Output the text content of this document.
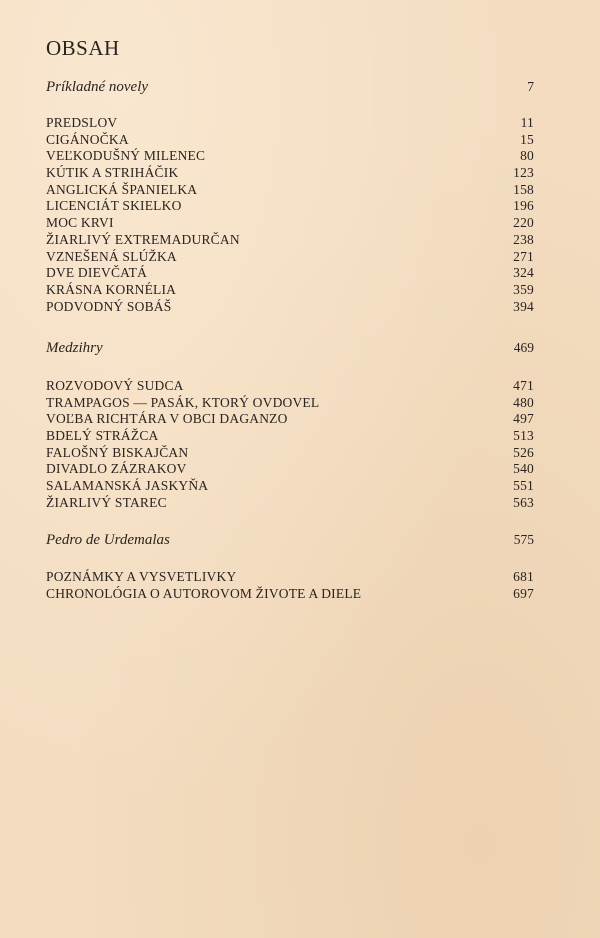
OBSAH
Príkladné novely	7
PREDSLOV	11
CIGÁNOČKA	15
VEĽKODUŠNÝ MILENEC	80
KÚTIK A STRIHÁČIK	123
ANGLICKÁ ŠPANIELKA	158
LICENCIÁT SKIELKO	196
MOC KRVI	220
ŽIARLIVÝ EXTREMADURČAN	238
VZNEŠENÁ SLÚŽKA	271
DVE DIEVČATÁ	324
KRÁSNA KORNÉLIA	359
PODVODNÝ SOBÁŠ	394
Medzihry	469
ROZVODOVÝ SUDCA	471
TRAMPAGOS — PASÁK, KTORÝ OVDOVEL	480
VOĽBA RICHTÁRA V OBCI DAGANZO	497
BDELÝ STRÁŽCA	513
FALOŠNÝ BISKAJČAN	526
DIVADLO ZÁZRAKOV	540
SALAMANSKÁ JASKYŇA	551
ŽIARLIVÝ STAREC	563
Pedro de Urdemalas	575
POZNÁMKY A VYSVETLIVKY	681
CHRONOLÓGIA O AUTOROVOM ŽIVOTE A DIELE	697
